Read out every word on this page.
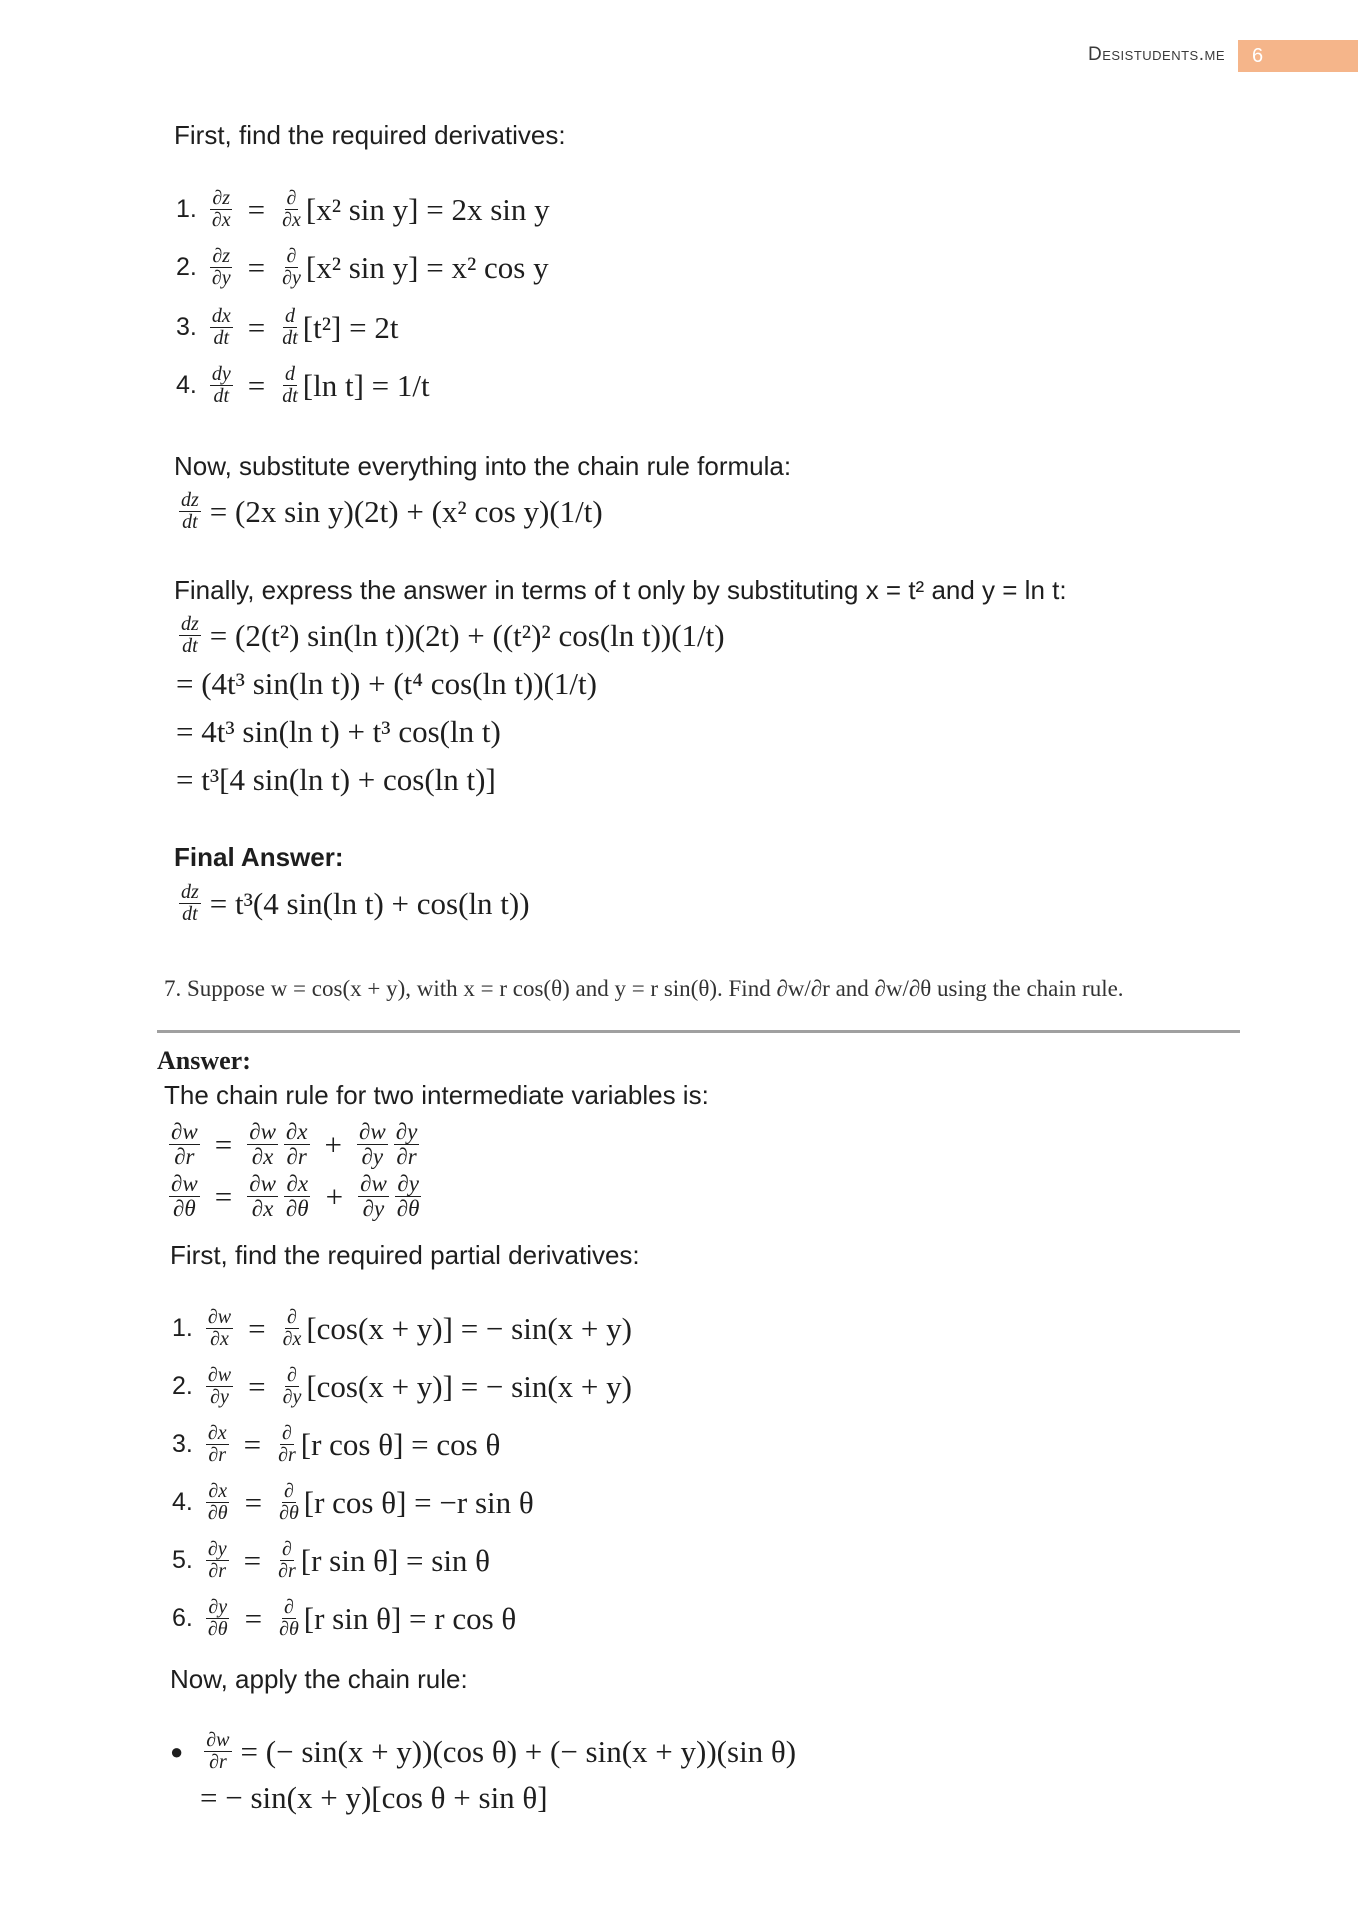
Desistudents.me	6
First, find the required derivatives:
1. $\frac{\partial z}{\partial x}$ = ∂
∂x [x² sin y] = 2x sin y
2. $\frac{\partial z}{\partial y}$ = ∂
∂y [x² sin y] = x² cos y
3. $\frac{dx}{dt} = \frac{d}{dt} [t^2] = 2t$
4. $\frac{dy}{dt} = \frac{d}{dt} [\ln$ t] = 1/t
Now, substitute everything into the chain rule formula:
$\frac{dz}{dt} = (2x$ sin y)(2t) + (x² cos y)(1/t)
Finally, express the answer in terms of t only by substituting x = t² and y = ln t:
$\frac{dz}{dt} = (2(t^2)$ sin(ln t))(2t) + ((t²)² cos(ln t))(1/t)
= (4t³ sin(ln t)) + (t⁴ cos(ln t))(1/t)
= 4t³ sin(ln t) + t³ cos(ln t)
= t³[4 sin(ln t) + cos(ln t)]
Final Answer:
$\frac{dz}{dt} = t^3(4$ sin(ln t) + cos(ln t))
7. Suppose w = cos(x + y), with x = r cos(θ) and y = r sin(θ). Find ∂w/∂r and ∂w/∂θ using the chain rule.
Answer:
The chain rule for two intermediate variables is:
$\frac{\partial w}{\partial r} = \frac{\partial w}{\partial x} \partial x$
$\partial r + \frac{\partial w}{\partial y} \partial y$
∂r
$\frac{\partial w}{\partial\theta} = \frac{\partial w}{\partial x} \partial x$
$\partial\theta + \frac{\partial w}{\partial y} \partial y$
∂θ
First, find the required partial derivatives:
1. $\frac{\partial w}{\partial x}$ = ∂
∂x [cos(x + y)] = − sin(x + y)
2. $\frac{\partial w}{\partial y}$ = ∂
∂y [cos(x + y)] = − sin(x + y)
3. $\frac{\partial x}{\partial r}$ = ∂
∂r [r cos θ] = cos θ
4. $\frac{\partial x}{\partial\theta}$ = ∂
∂θ [r cos θ] = −r sin θ
5. $\frac{\partial y}{\partial r}$ = ∂
∂r [r sin θ] = sin θ
6. $\frac{\partial y}{\partial\theta}$ = ∂
∂θ [r sin θ] = r cos θ
Now, apply the chain rule:
● $\frac{\partial w}{\partial r}$ = (− sin(x + y))(cos θ) + (− sin(x + y))(sin θ)
= − sin(x + y)[cos θ + sin θ]
